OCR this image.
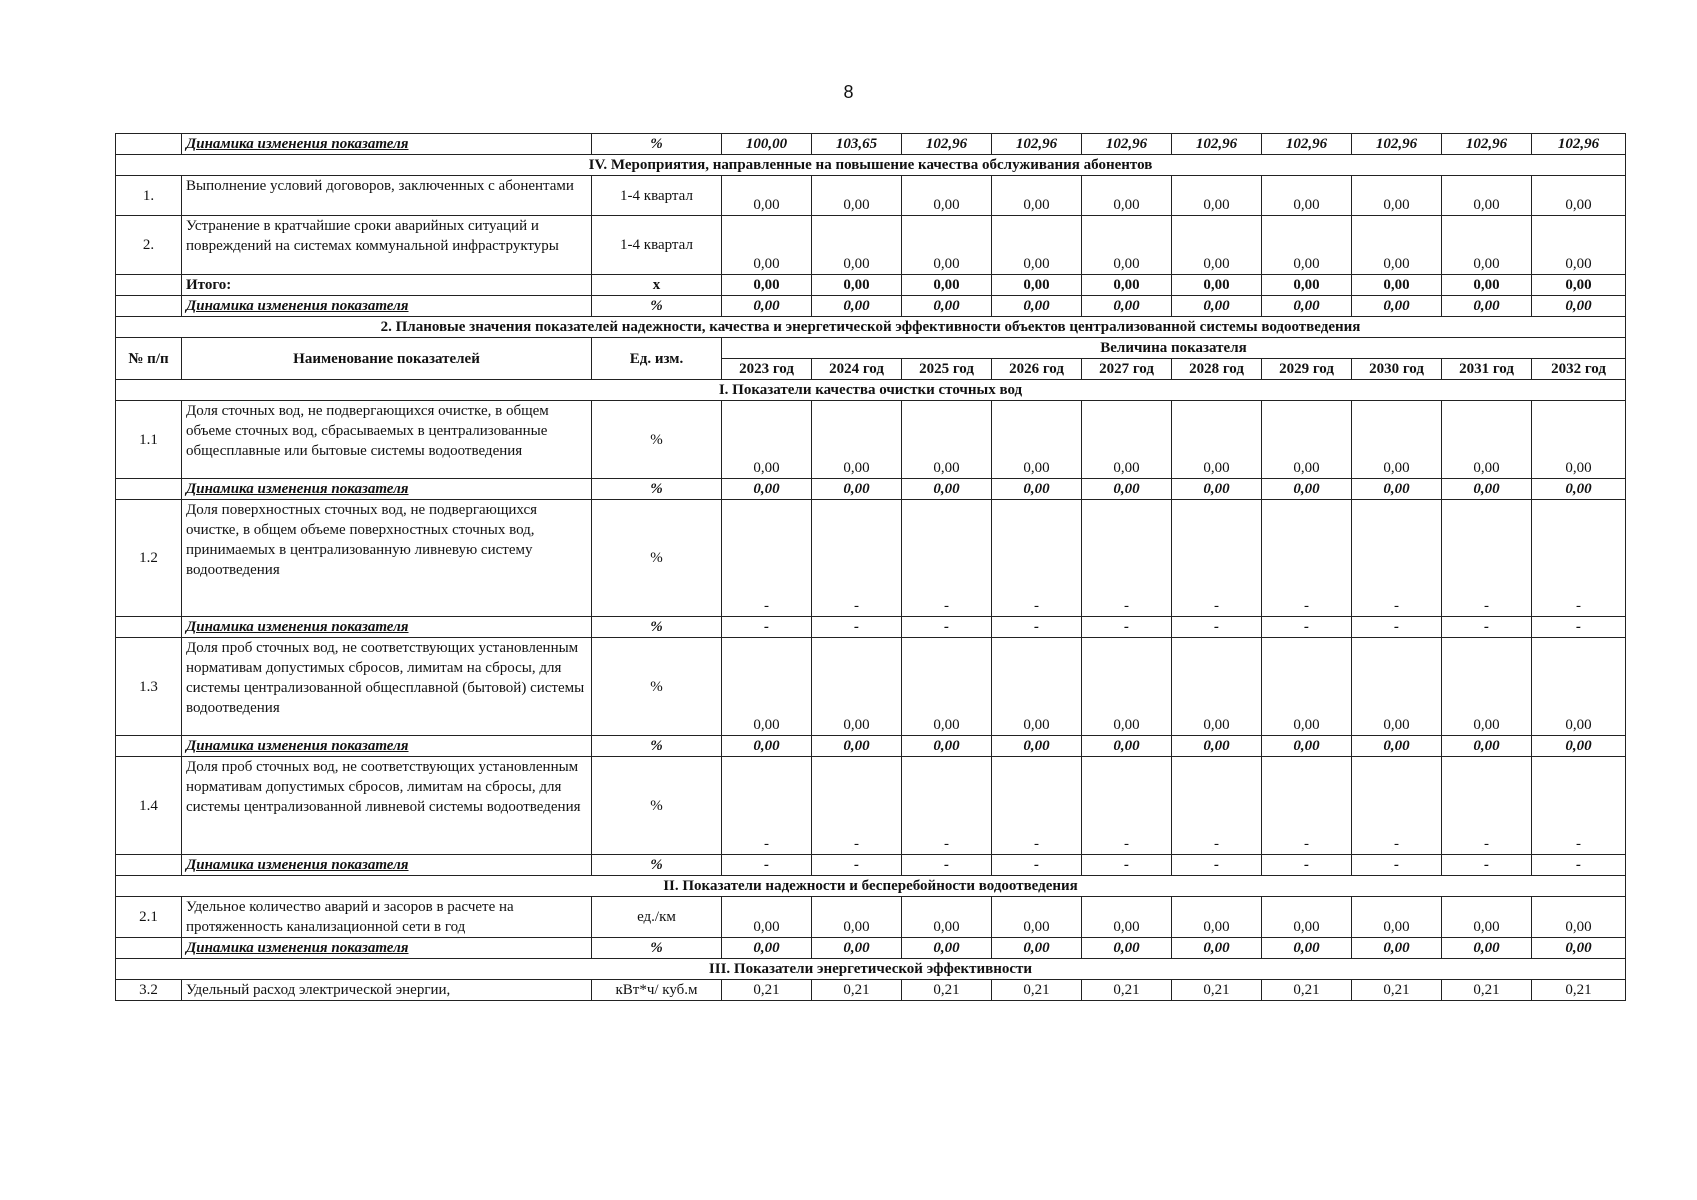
8
	Динамика изменения показателя	%	100,00	103,65	102,96	102,96	102,96	102,96	102,96	102,96	102,96	102,96
IV. Мероприятия, направленные на повышение качества обслуживания абонентов												
1.	Выполнение условий договоров, заключенных с абонентами	1-4 квартал	0,00	0,00	0,00	0,00	0,00	0,00	0,00	0,00	0,00	0,00
2.	Устранение в кратчайшие сроки аварийных ситуаций и повреждений на системах коммунальной инфраструктуры	1-4 квартал	0,00	0,00	0,00	0,00	0,00	0,00	0,00	0,00	0,00	0,00
	Итого:	x	0,00	0,00	0,00	0,00	0,00	0,00	0,00	0,00	0,00	0,00
	Динамика изменения показателя	%	0,00	0,00	0,00	0,00	0,00	0,00	0,00	0,00	0,00	0,00
2. Плановые значения показателей надежности, качества и энергетической эффективности объектов централизованной системы водоотведения												
№ п/п	Наименование показателей	Ед. изм.	Величина показателя									
			2023 год	2024 год	2025 год	2026 год	2027 год	2028 год	2029 год	2030 год	2031 год	2032 год
I. Показатели качества очистки сточных вод												
1.1	Доля сточных вод, не подвергающихся очистке, в общем объеме сточных вод, сбрасываемых в централизованные общесплавные или бытовые системы водоотведения	%	0,00	0,00	0,00	0,00	0,00	0,00	0,00	0,00	0,00	0,00
	Динамика изменения показателя	%	0,00	0,00	0,00	0,00	0,00	0,00	0,00	0,00	0,00	0,00
1.2	Доля поверхностных сточных вод, не подвергающихся очистке, в общем объеме поверхностных сточных вод, принимаемых в централизованную ливневую систему водоотведения	%	-	-	-	-	-	-	-	-	-	-
	Динамика изменения показателя	%	-	-	-	-	-	-	-	-	-	-
1.3	Доля проб сточных вод, не соответствующих установленным нормативам допустимых сбросов, лимитам на сбросы, для системы централизованной общесплавной (бытовой) системы водоотведения	%	0,00	0,00	0,00	0,00	0,00	0,00	0,00	0,00	0,00	0,00
	Динамика изменения показателя	%	0,00	0,00	0,00	0,00	0,00	0,00	0,00	0,00	0,00	0,00
1.4	Доля проб сточных вод, не соответствующих установленным нормативам допустимых сбросов, лимитам на сбросы, для системы централизованной ливневой системы водоотведения	%	-	-	-	-	-	-	-	-	-	-
	Динамика изменения показателя	%	-	-	-	-	-	-	-	-	-	-
II. Показатели надежности и бесперебойности водоотведения												
2.1	Удельное количество аварий и засоров в расчете на протяженность канализационной сети в год	ед./км	0,00	0,00	0,00	0,00	0,00	0,00	0,00	0,00	0,00	0,00
	Динамика изменения показателя	%	0,00	0,00	0,00	0,00	0,00	0,00	0,00	0,00	0,00	0,00
III. Показатели энергетической эффективности												
3.2	Удельный расход электрической энергии,	кВт*ч/ куб.м	0,21	0,21	0,21	0,21	0,21	0,21	0,21	0,21	0,21	0,21
